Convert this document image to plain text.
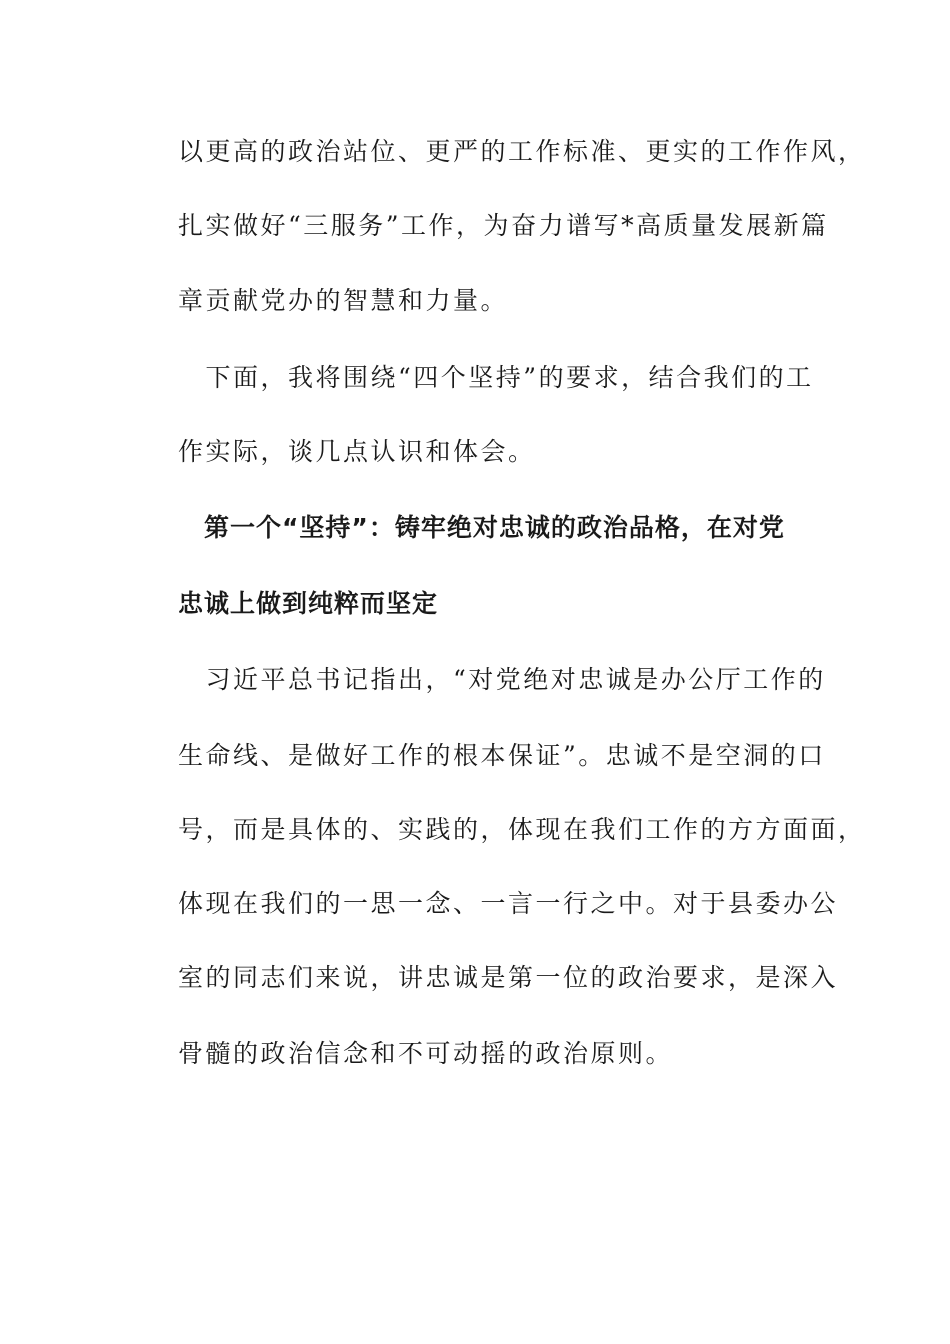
以更高的政治站位、更严的工作标准、更实的工作作风，
扎实做好“三服务”工作，为奋力谱写*高质量发展新篇
章贡献党办的智慧和力量。
　下面，我将围绕“四个坚持”的要求，结合我们的工
作实际，谈几点认识和体会。
　第一个“坚持”：铸牢绝对忠诚的政治品格，在对党
忠诚上做到纯粹而坚定
　习近平总书记指出，“对党绝对忠诚是办公厅工作的
生命线、是做好工作的根本保证”。忠诚不是空洞的口
号，而是具体的、实践的，体现在我们工作的方方面面，
体现在我们的一思一念、一言一行之中。对于县委办公
室的同志们来说，讲忠诚是第一位的政治要求，是深入
骨髓的政治信念和不可动摇的政治原则。
